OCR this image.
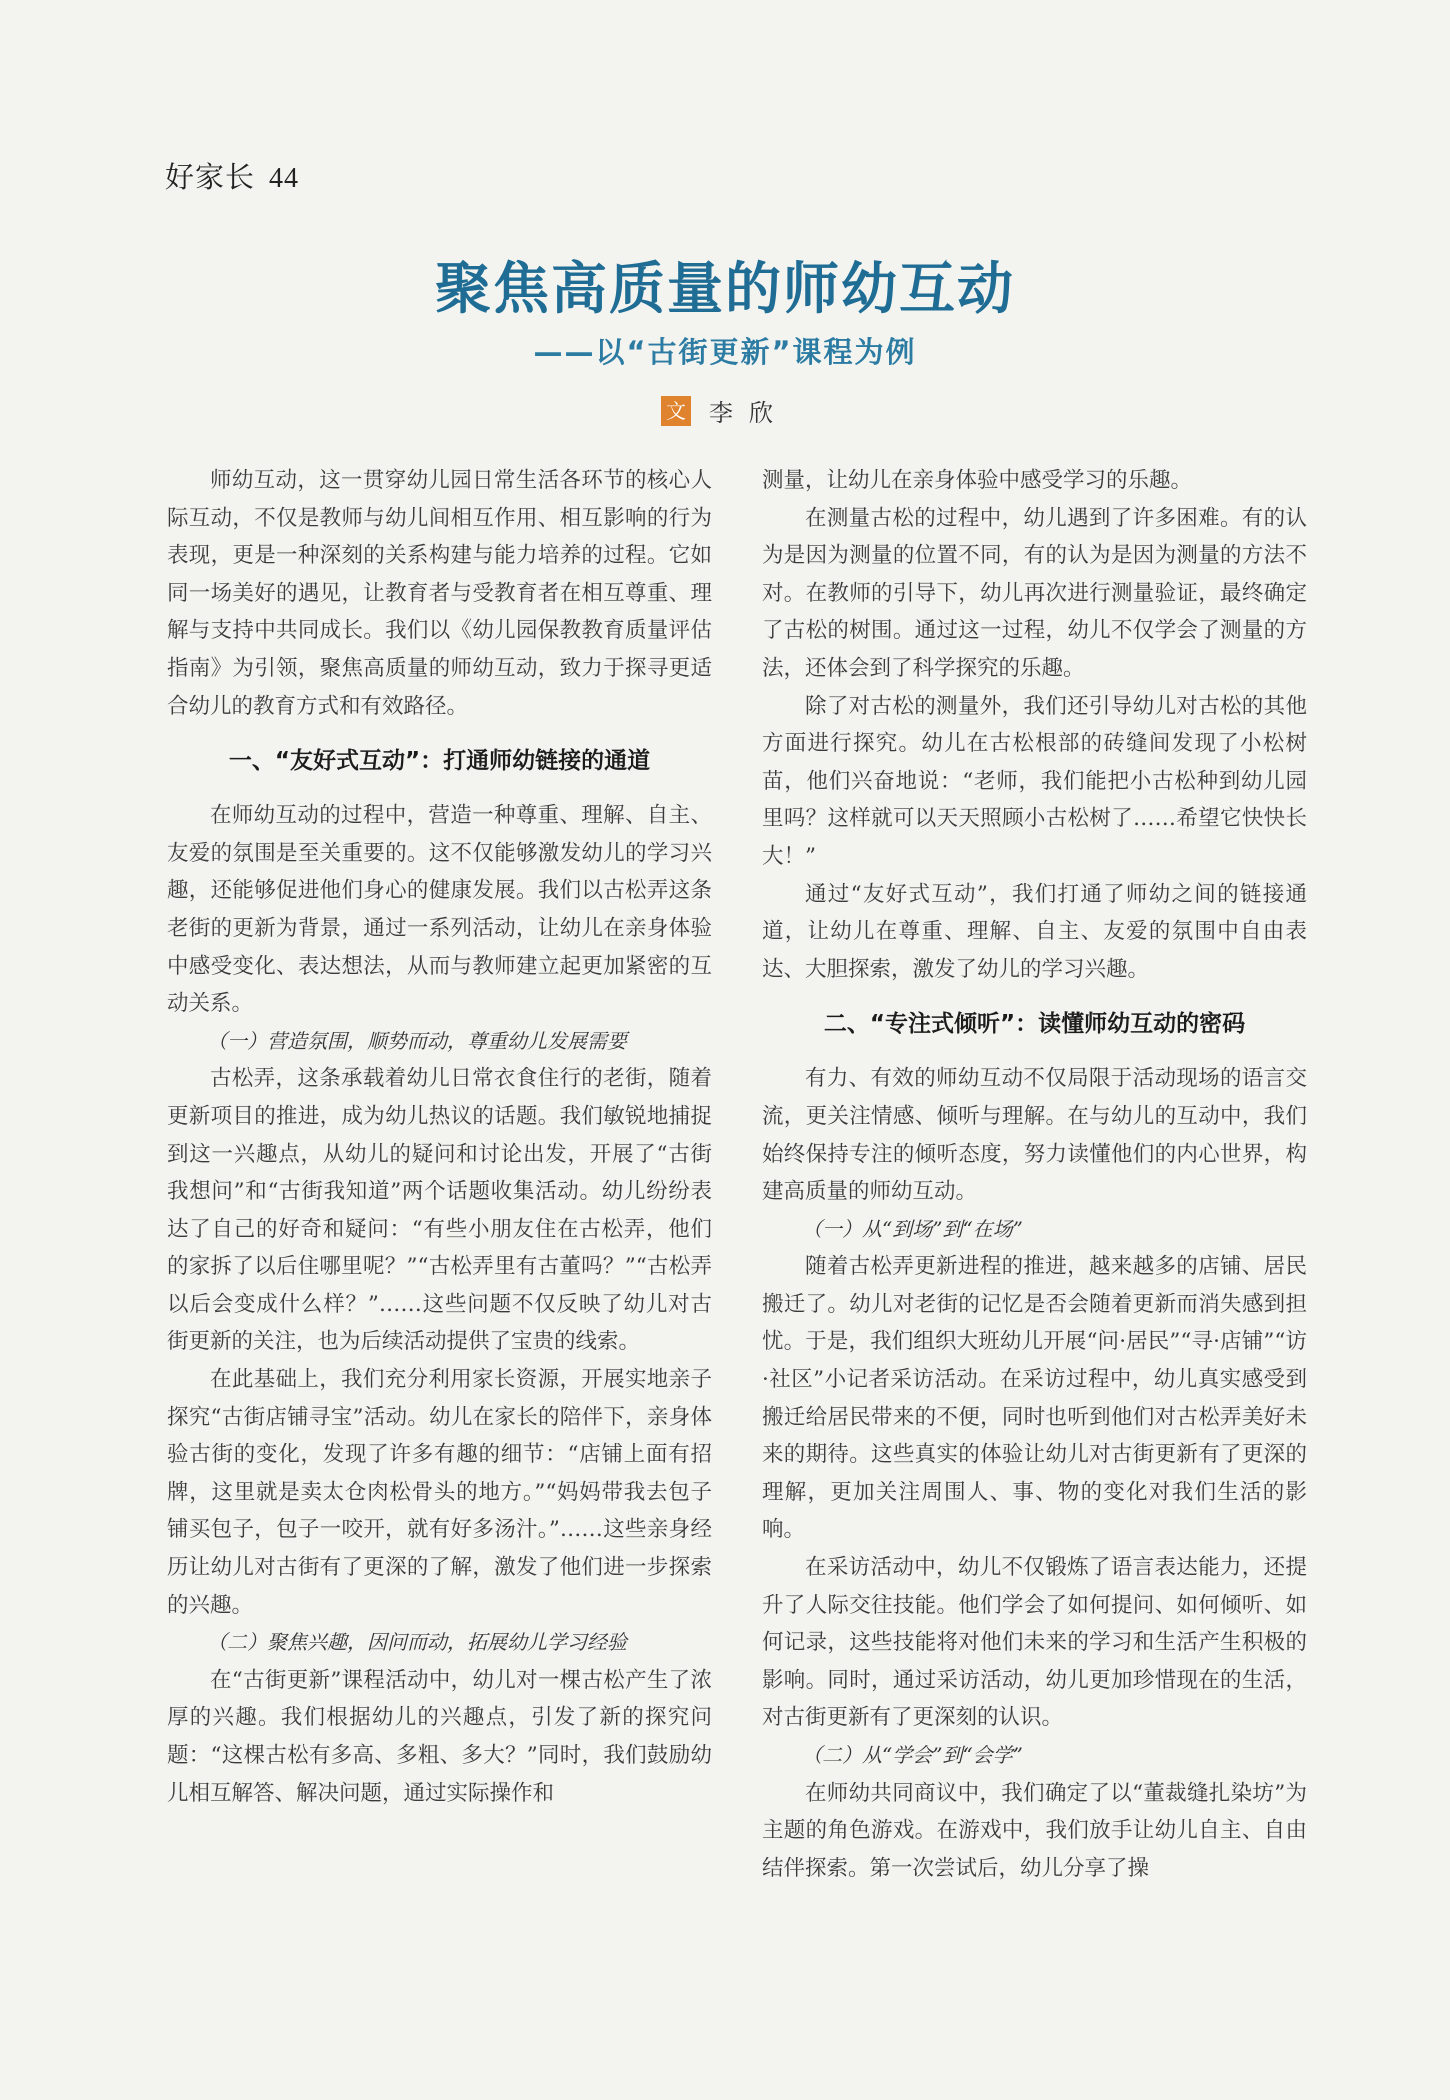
好家长 44
聚焦高质量的师幼互动
——以“古街更新”课程为例
文 李欣

师幼互动，这一贯穿幼儿园日常生活各环节的核心人际互动，不仅是教师与幼儿间相互作用、相互影响的行为表现，更是一种深刻的关系构建与能力培养的过程。它如同一场美好的遇见，让教育者与受教育者在相互尊重、理解与支持中共同成长。我们以《幼儿园保教教育质量评估指南》为引领，聚焦高质量的师幼互动，致力于探寻更适合幼儿的教育方式和有效路径。

一、“友好式互动”：打通师幼链接的通道

在师幼互动的过程中，营造一种尊重、理解、自主、友爱的氛围是至关重要的。这不仅能够激发幼儿的学习兴趣，还能够促进他们身心的健康发展。我们以古松弄这条老街的更新为背景，通过一系列活动，让幼儿在亲身体验中感受变化、表达想法，从而与教师建立起更加紧密的互动关系。

（一）营造氛围，顺势而动，尊重幼儿发展需要

古松弄，这条承载着幼儿日常衣食住行的老街，随着更新项目的推进，成为幼儿热议的话题。我们敏锐地捕捉到这一兴趣点，从幼儿的疑问和讨论出发，开展了“古街我想问”和“古街我知道”两个话题收集活动。幼儿纷纷表达了自己的好奇和疑问：“有些小朋友住在古松弄，他们的家拆了以后住哪里呢？”“古松弄里有古董吗？”“古松弄以后会变成什么样？”……这些问题不仅反映了幼儿对古街更新的关注，也为后续活动提供了宝贵的线索。

在此基础上，我们充分利用家长资源，开展实地亲子探究“古街店铺寻宝”活动。幼儿在家长的陪伴下，亲身体验古街的变化，发现了许多有趣的细节：“店铺上面有招牌，这里就是卖太仓肉松骨头的地方。”“妈妈带我去包子铺买包子，包子一咬开，就有好多汤汁。”……这些亲身经历让幼儿对古街有了更深的了解，激发了他们进一步探索的兴趣。

（二）聚焦兴趣，因问而动，拓展幼儿学习经验

在“古街更新”课程活动中，幼儿对一棵古松产生了浓厚的兴趣。我们根据幼儿的兴趣点，引发了新的探究问题：“这棵古松有多高、多粗、多大？”同时，我们鼓励幼儿相互解答、解决问题，通过实际操作和

测量，让幼儿在亲身体验中感受学习的乐趣。

在测量古松的过程中，幼儿遇到了许多困难。有的认为是因为测量的位置不同，有的认为是因为测量的方法不对。在教师的引导下，幼儿再次进行测量验证，最终确定了古松的树围。通过这一过程，幼儿不仅学会了测量的方法，还体会到了科学探究的乐趣。

除了对古松的测量外，我们还引导幼儿对古松的其他方面进行探究。幼儿在古松根部的砖缝间发现了小松树苗，他们兴奋地说：“老师，我们能把小古松种到幼儿园里吗？这样就可以天天照顾小古松树了……希望它快快长大！”

通过“友好式互动”，我们打通了师幼之间的链接通道，让幼儿在尊重、理解、自主、友爱的氛围中自由表达、大胆探索，激发了幼儿的学习兴趣。

二、“专注式倾听”：读懂师幼互动的密码

有力、有效的师幼互动不仅局限于活动现场的语言交流，更关注情感、倾听与理解。在与幼儿的互动中，我们始终保持专注的倾听态度，努力读懂他们的内心世界，构建高质量的师幼互动。

（一）从“到场”到“在场”

随着古松弄更新进程的推进，越来越多的店铺、居民搬迁了。幼儿对老街的记忆是否会随着更新而消失感到担忧。于是，我们组织大班幼儿开展“问·居民”“寻·店铺”“访·社区”小记者采访活动。在采访过程中，幼儿真实感受到搬迁给居民带来的不便，同时也听到他们对古松弄美好未来的期待。这些真实的体验让幼儿对古街更新有了更深的理解，更加关注周围人、事、物的变化对我们生活的影响。

在采访活动中，幼儿不仅锻炼了语言表达能力，还提升了人际交往技能。他们学会了如何提问、如何倾听、如何记录，这些技能将对他们未来的学习和生活产生积极的影响。同时，通过采访活动，幼儿更加珍惜现在的生活，对古街更新有了更深刻的认识。

（二）从“学会”到“会学”

在师幼共同商议中，我们确定了以“董裁缝扎染坊”为主题的角色游戏。在游戏中，我们放手让幼儿自主、自由结伴探索。第一次尝试后，幼儿分享了操
